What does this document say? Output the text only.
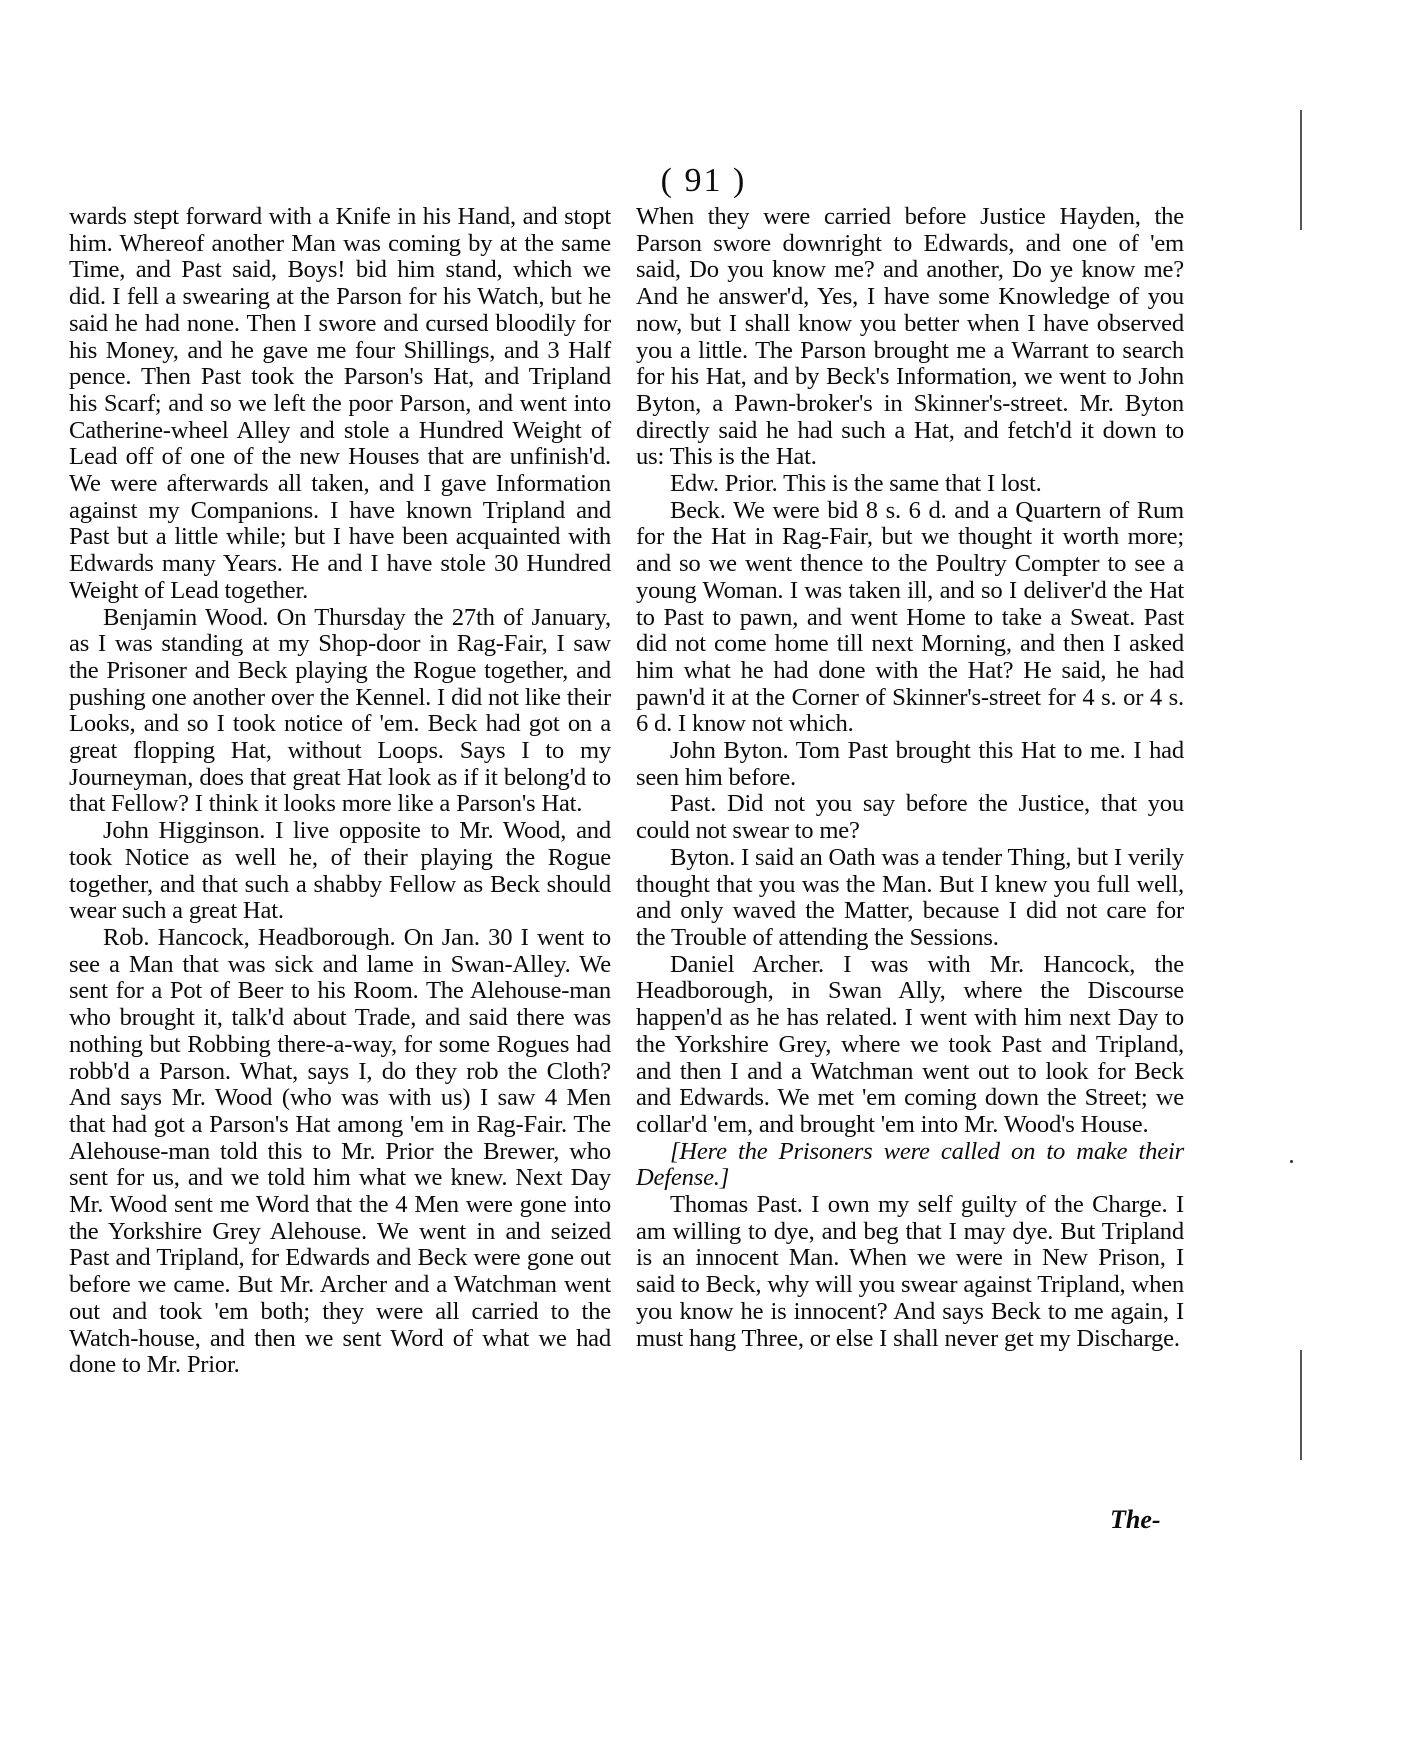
( 91 )

wards stept forward with a Knife in his Hand, and stopt him. Whereof another Man was coming by at the same Time, and Past said, Boys! bid him stand, which we did. I fell a swearing at the Parson for his Watch, but he said he had none. Then I swore and cursed bloodily for his Money, and he gave me four Shillings, and 3 Half pence. Then Past took the Parson's Hat, and Tripland his Scarf; and so we left the poor Parson, and went into Catherine-wheel Alley and stole a Hundred Weight of Lead off of one of the new Houses that are unfinish'd. We were afterwards all taken, and I gave Information against my Companions. I have known Tripland and Past but a little while; but I have been acquainted with Edwards many Years. He and I have stole 30 Hundred Weight of Lead together.

Benjamin Wood. On Thursday the 27th of January, as I was standing at my Shop-door in Rag-Fair, I saw the Prisoner and Beck playing the Rogue together, and pushing one another over the Kennel. I did not like their Looks, and so I took notice of 'em. Beck had got on a great flopping Hat, without Loops. Says I to my Journeyman, does that great Hat look as if it belong'd to that Fellow? I think it looks more like a Parson's Hat.

John Higginson. I live opposite to Mr. Wood, and took Notice as well he, of their playing the Rogue together, and that such a shabby Fellow as Beck should wear such a great Hat.

Rob. Hancock, Headborough. On Jan. 30 I went to see a Man that was sick and lame in Swan-Alley. We sent for a Pot of Beer to his Room. The Alehouse-man who brought it, talk'd about Trade, and said there was nothing but Robbing there-a-way, for some Rogues had robb'd a Parson. What, says I, do they rob the Cloth? And says Mr. Wood (who was with us) I saw 4 Men that had got a Parson's Hat among 'em in Rag-Fair. The Alehouse-man told this to Mr. Prior the Brewer, who sent for us, and we told him what we knew. Next Day Mr. Wood sent me Word that the 4 Men were gone into the Yorkshire Grey Alehouse. We went in and seized Past and Tripland, for Edwards and Beck were gone out before we came. But Mr. Archer and a Watchman went out and took 'em both; they were all carried to the Watch-house, and then we sent Word of what we had done to Mr. Prior.

When they were carried before Justice Hayden, the Parson swore downright to Edwards, and one of 'em said, Do you know me? and another, Do ye know me? And he answer'd, Yes, I have some Knowledge of you now, but I shall know you better when I have observed you a little. The Parson brought me a Warrant to search for his Hat, and by Beck's Information, we went to John Byton, a Pawn-broker's in Skinner's-street. Mr. Byton directly said he had such a Hat, and fetch'd it down to us: This is the Hat.

Edw. Prior. This is the same that I lost.

Beck. We were bid 8 s. 6 d. and a Quartern of Rum for the Hat in Rag-Fair, but we thought it worth more; and so we went thence to the Poultry Compter to see a young Woman. I was taken ill, and so I deliver'd the Hat to Past to pawn, and went Home to take a Sweat. Past did not come home till next Morning, and then I asked him what he had done with the Hat? He said, he had pawn'd it at the Corner of Skinner's-street for 4 s. or 4 s. 6 d. I know not which.

John Byton. Tom Past brought this Hat to me. I had seen him before.

Past. Did not you say before the Justice, that you could not swear to me?

Byton. I said an Oath was a tender Thing, but I verily thought that you was the Man. But I knew you full well, and only waved the Matter, because I did not care for the Trouble of attending the Sessions.

Daniel Archer. I was with Mr. Hancock, the Headborough, in Swan Ally, where the Discourse happen'd as he has related. I went with him next Day to the Yorkshire Grey, where we took Past and Tripland, and then I and a Watchman went out to look for Beck and Edwards. We met 'em coming down the Street; we collar'd 'em, and brought 'em into Mr. Wood's House.

[Here the Prisoners were called on to make their Defense.]

Thomas Past. I own my self guilty of the Charge. I am willing to dye, and beg that I may dye. But Tripland is an innocent Man. When we were in New Prison, I said to Beck, why will you swear against Tripland, when you know he is innocent? And says Beck to me again, I must hang Three, or else I shall never get my Discharge.

The-
